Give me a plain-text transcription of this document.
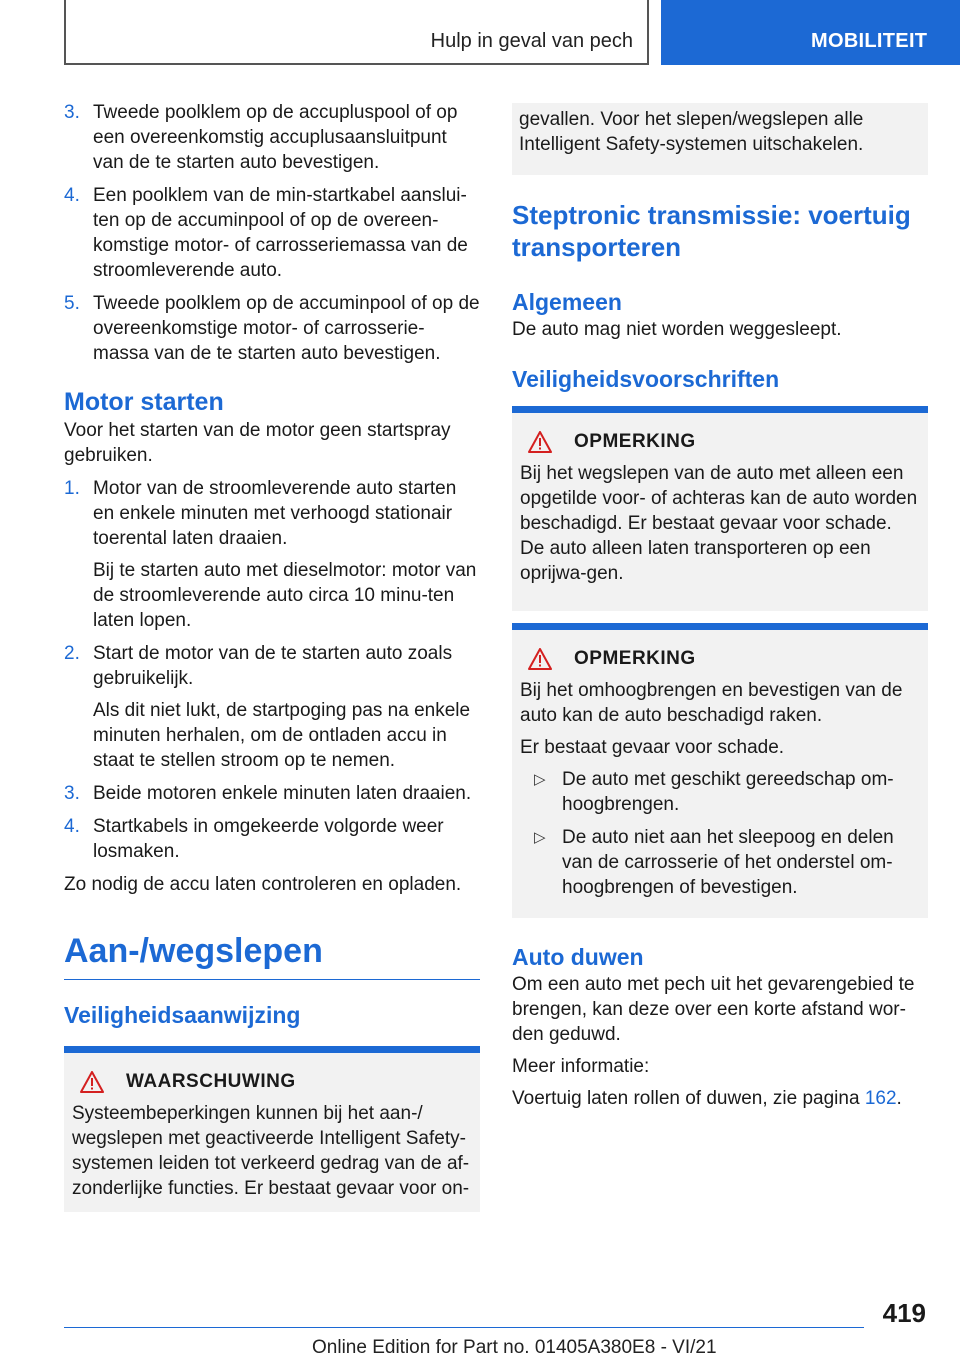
Hulp in geval van pech	MOBILITEIT
3. Tweede poolklem op de accupluspool of op een overeenkomstig accuplusaansluitpunt van de te starten auto bevestigen.

4. Een poolklem van de min-startkabel aanslui-ten op de accuminpool of op de overeen-komstige motor- of carrosseriemassa van de stroomleverende auto.

5. Tweede poolklem op de accuminpool of op de overeenkomstige motor- of carrosserie-massa van de te starten auto bevestigen.

Motor starten

Voor het starten van de motor geen startspray gebruiken.

1. Motor van de stroomleverende auto starten en enkele minuten met verhoogd stationair toerental laten draaien.

Bij te starten auto met dieselmotor: motor van de stroomleverende auto circa 10 minu-ten laten lopen.

2. Start de motor van de te starten auto zoals gebruikelijk.

Als dit niet lukt, de startpoging pas na enkele minuten herhalen, om de ontladen accu in staat te stellen stroom op te nemen.

3. Beide motoren enkele minuten laten draaien.

4. Startkabels in omgekeerde volgorde weer losmaken.

Zo nodig de accu laten controleren en opladen.

Aan-/wegslepen
Veiligheidsaanwijzing
WAARSCHUWING

Systeembeperkingen kunnen bij het aan-/ wegslepen met geactiveerde Intelligent Safety-systemen leiden tot verkeerd gedrag van de af-zonderlijke functies. Er bestaat gevaar voor on-

gevallen. Voor het slepen/wegslepen alle Intelligent Safety-systemen uitschakelen.

Steptronic transmissie: voertuig transporteren
Algemeen

De auto mag niet worden weggesleept.

Veiligheidsvoorschriften
OPMERKING

Bij het wegslepen van de auto met alleen een opgetilde voor- of achteras kan de auto worden beschadigd. Er bestaat gevaar voor schade. De auto alleen laten transporteren op een oprijwa-gen.

OPMERKING

Bij het omhoogbrengen en bevestigen van de auto kan de auto beschadigd raken.

Er bestaat gevaar voor schade.

▷ De auto met geschikt gereedschap om-hoogbrengen.
▷ De auto niet aan het sleepoog en delen van de carrosserie of het onderstel om-hoogbrengen of bevestigen.
Auto duwen

Om een auto met pech uit het gevarengebied te brengen, kan deze over een korte afstand wor-den geduwd.

Meer informatie:

Voertuig laten rollen of duwen, zie pagina 162.

419
Online Edition for Part no. 01405A380E8 - VI/21
